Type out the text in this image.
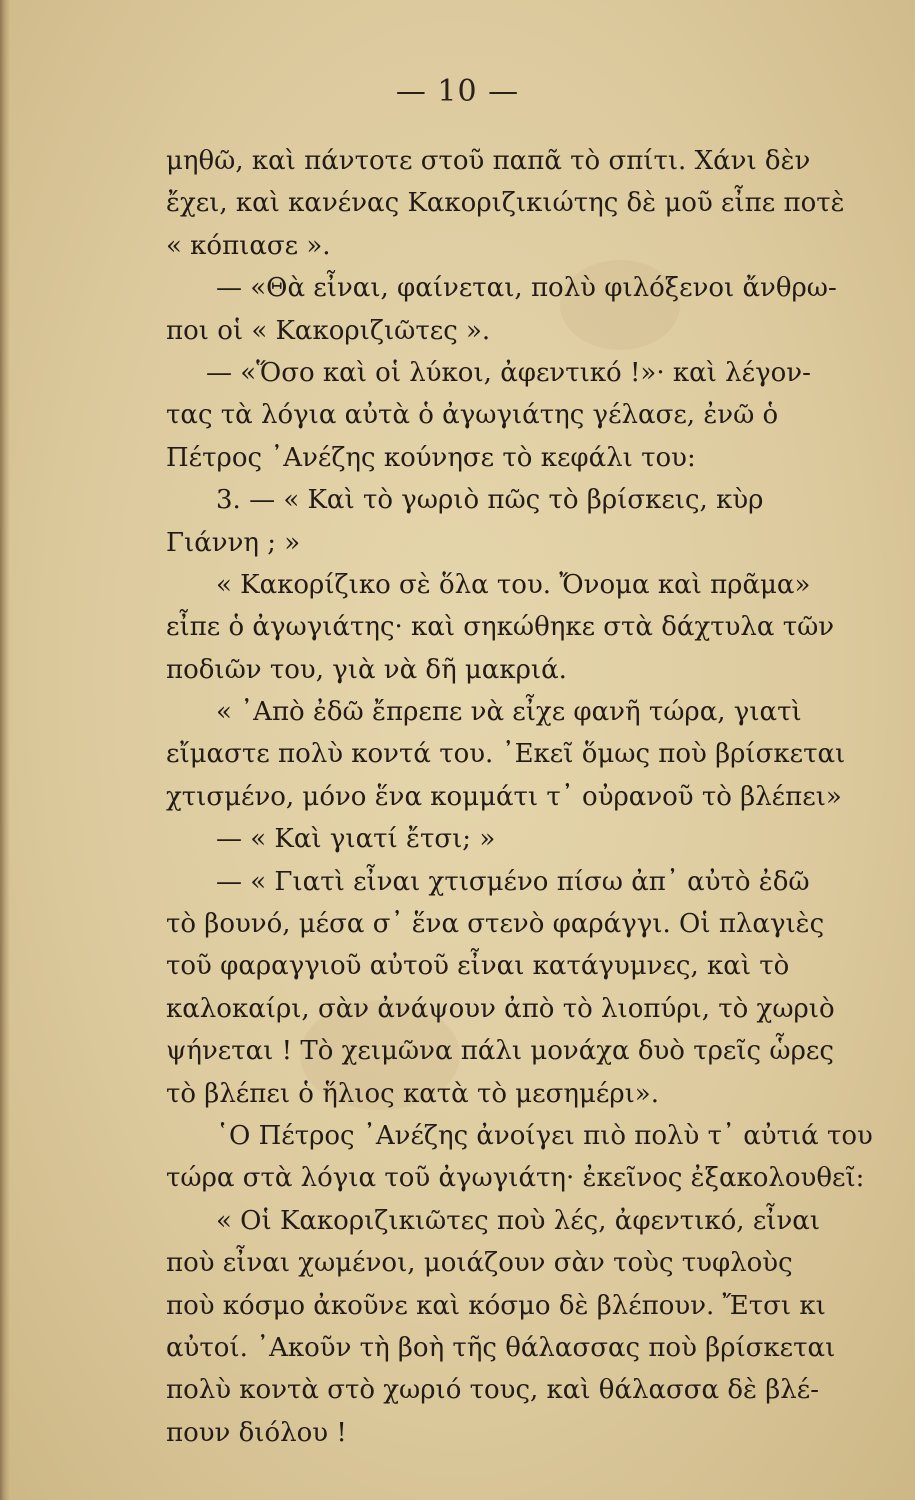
— 10 —
μηθῶ, καὶ πάντοτε στοῦ παπᾶ τὸ σπίτι. Χάνι δὲν
ἔχει, καὶ κανένας Κακοριζικιώτης δὲ μοῦ εἶπε ποτὲ
« κόπιασε ».
— «Θὰ εἶναι, φαίνεται, πολὺ φιλόξενοι ἄνθρω-
ποι οἱ « Κακοριζιῶτες ».
— «Ὅσο καὶ οἱ λύκοι, ἀφεντικό !»· καὶ λέγον-
τας τὰ λόγια αὐτὰ ὁ ἀγωγιάτης γέλασε, ἐνῶ ὁ
Πέτρος ᾿Ανέζης κούνησε τὸ κεφάλι του:
3. — « Καὶ τὸ γωριὸ πῶς τὸ βρίσκεις, κὺρ
Γιάννη ; »
« Κακορίζικο σὲ ὅλα του. Ὄνομα καὶ πρᾶμα»
εἶπε ὁ ἀγωγιάτης· καὶ σηκώθηκε στὰ δάχτυλα τῶν
ποδιῶν του, γιὰ νὰ δῆ μακριά.
« ᾿Απὸ ἐδῶ ἔπρεπε νὰ εἶχε φανῆ τώρα, γιατὶ
εἴμαστε πολὺ κοντά του. ᾿Εκεῖ ὅμως ποὺ βρίσκεται
χτισμένο, μόνο ἕνα κομμάτι τ᾿ οὐρανοῦ τὸ βλέπει»
— « Καὶ γιατί ἔτσι; »
— « Γιατὶ εἶναι χτισμένο πίσω ἀπ᾿ αὐτὸ ἐδῶ
τὸ βουνό, μέσα σ᾿ ἕνα στενὸ φαράγγι. Οἱ πλαγιὲς
τοῦ φαραγγιοῦ αὐτοῦ εἶναι κατάγυμνες, καὶ τὸ
καλοκαίρι, σὰν ἀνάψουν ἀπὸ τὸ λιοπύρι, τὸ χωριὸ
ψήνεται ! Τὸ χειμῶνα πάλι μονάχα δυὸ τρεῖς ὧρες
τὸ βλέπει ὁ ἥλιος κατὰ τὸ μεσημέρι».
῾Ο Πέτρος ᾿Ανέζης ἀνοίγει πιὸ πολὺ τ᾿ αὐτιά του
τώρα στὰ λόγια τοῦ ἀγωγιάτη· ἐκεῖνος ἐξακολουθεῖ:
« Οἱ Κακοριζικιῶτες ποὺ λές, ἀφεντικό, εἶναι
ποὺ εἶναι χωμένοι, μοιάζουν σὰν τοὺς τυφλοὺς
ποὺ κόσμο ἀκοῦνε καὶ κόσμο δὲ βλέπουν. Ἔτσι κι
αὐτοί. ᾿Ακοῦν τὴ βοὴ τῆς θάλασσας ποὺ βρίσκεται
πολὺ κοντὰ στὸ χωριό τους, καὶ θάλασσα δὲ βλέ-
πουν διόλου !
